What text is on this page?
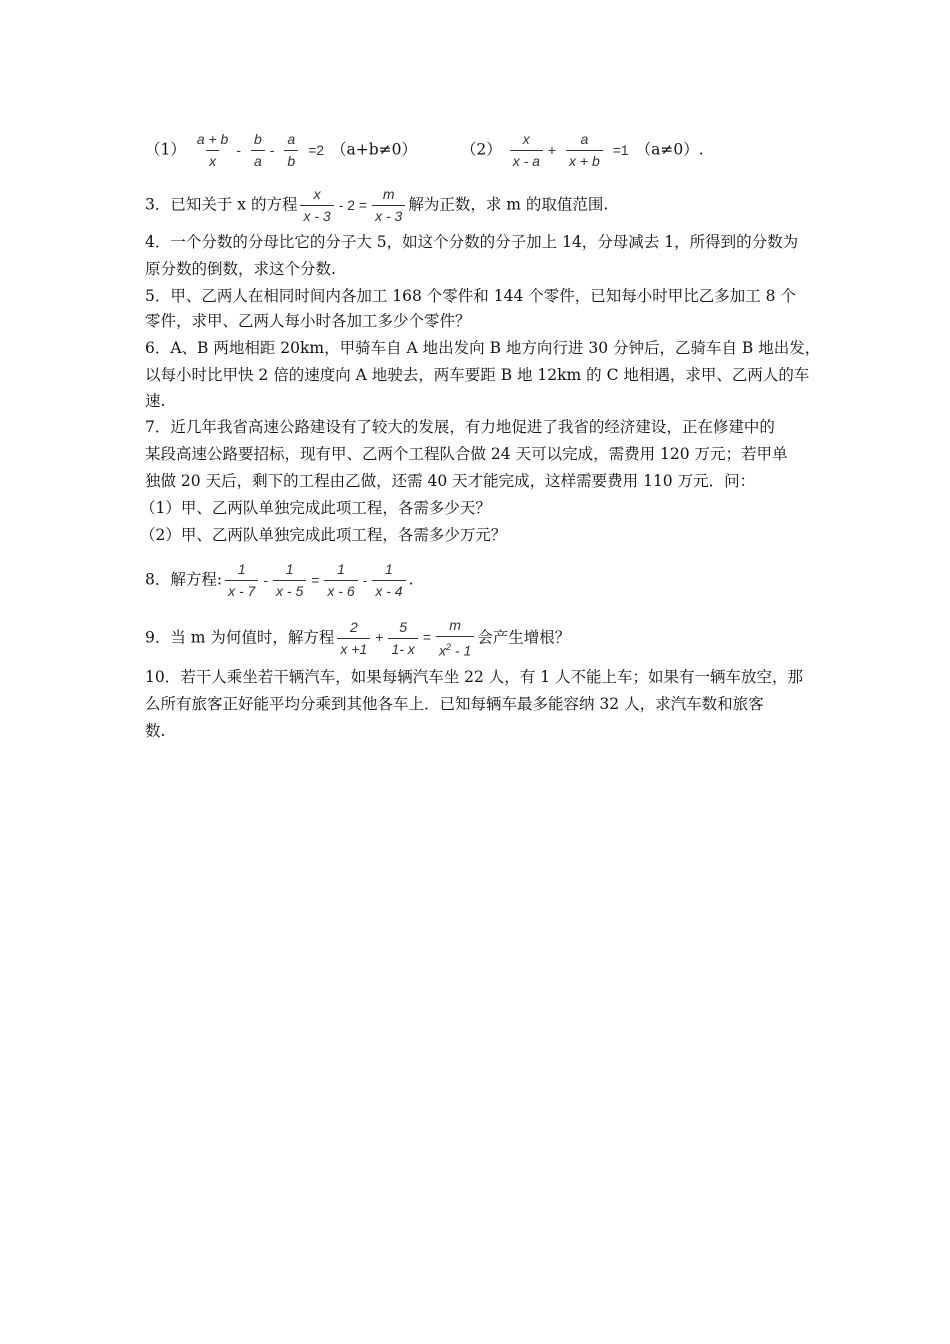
$(1) \frac{a + b}{x} - \frac{b}{a} - \frac{a}{b} =2$ （a+b≠0）	$(2) \frac{x}{x - a} + \frac{a}{x + b} =1$ （a≠0）.
3．已知关于 x 的方程 $\frac{x}{x - 3} - 2 = \frac{m}{x - 3}$ 解为正数，求 m 的取值范围.
4．一个分数的分母比它的分子大 5，如这个分数的分子加上 14，分母减去 1，所得到的分数为
原分数的倒数，求这个分数.
5．甲、乙两人在相同时间内各加工 168 个零件和 144 个零件，已知每小时甲比乙多加工 8 个
零件，求甲、乙两人每小时各加工多少个零件？
6．A、B 两地相距 20km，甲骑车自 A 地出发向 B 地方向行进 30 分钟后，乙骑车自 B 地出发，
以每小时比甲快 2 倍的速度向 A 地驶去，两车要距 B 地 12km 的 C 地相遇，求甲、乙两人的车
速.
7．近几年我省高速公路建设有了较大的发展，有力地促进了我省的经济建设，正在修建中的
某段高速公路要招标，现有甲、乙两个工程队合做 24 天可以完成，需费用 120 万元；若甲单
独做 20 天后，剩下的工程由乙做，还需 40 天才能完成，这样需要费用 110 万元．问：
（1）甲、乙两队单独完成此项工程，各需多少天？
（2）甲、乙两队单独完成此项工程，各需多少万元？
8．解方程: $\frac{1}{x - 7} - \frac{1}{x - 5} = \frac{1}{x - 6} - \frac{1}{x - 4}$ .
9．当 m 为何值时，解方程 $\frac{2}{x +1} + \frac{5}{1- x} = \frac{m}{x^2 - 1}$ 会产生增根？
10．若干人乘坐若干辆汽车，如果每辆汽车坐 22 人，有 1 人不能上车；如果有一辆车放空，那
么所有旅客正好能平均分乘到其他各车上．已知每辆车最多能容纳 32 人，求汽车数和旅客
数.
